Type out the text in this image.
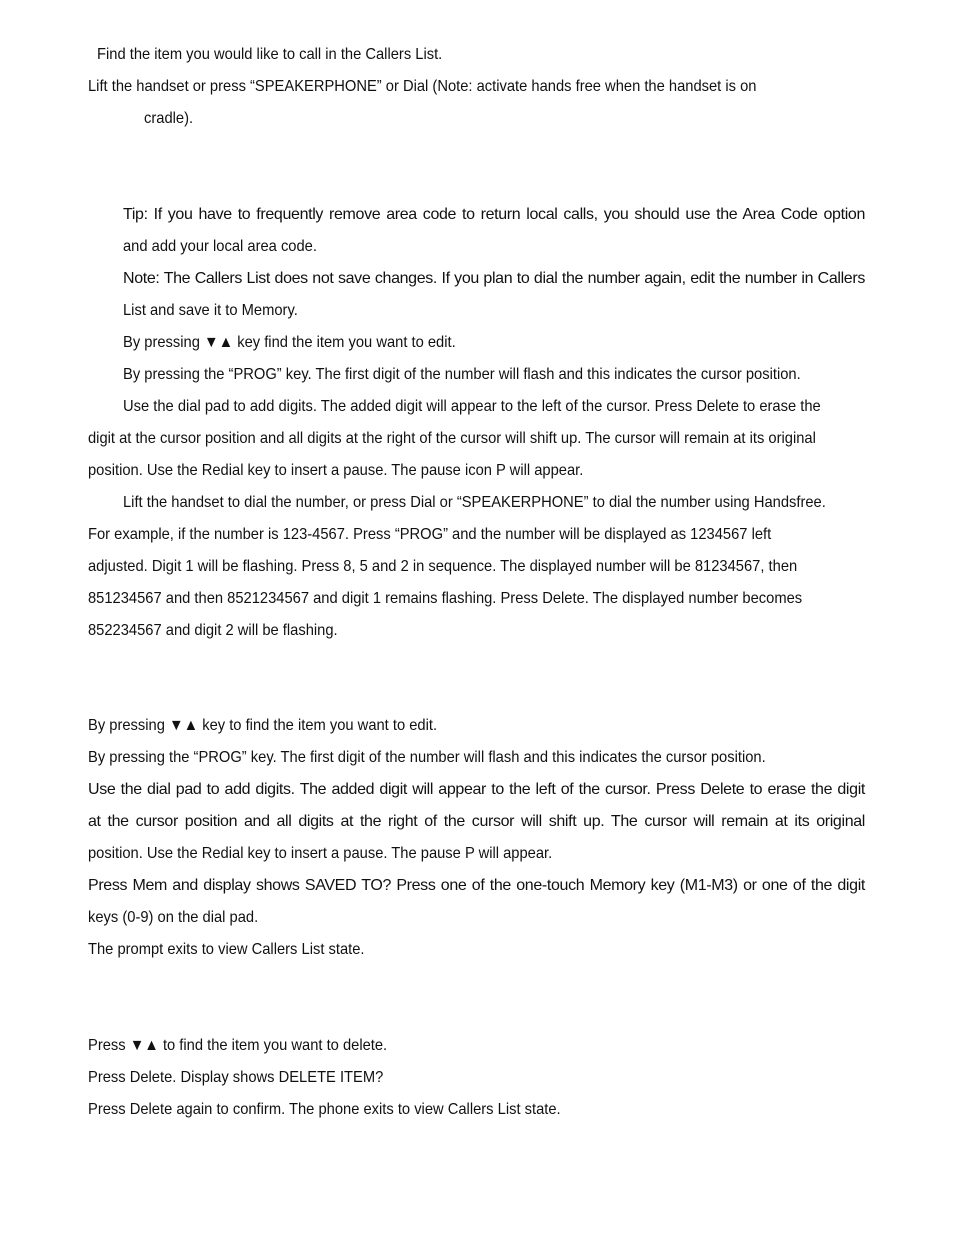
Find the item you would like to call in the Callers List.
Lift the handset or press “SPEAKERPHONE” or Dial (Note: activate hands free when the handset is on
cradle).
Tip: If you have to frequently remove area code to return local calls, you should use the Area Code option
and add your local area code.
Note: The Callers List does not save changes. If you plan to dial the number again, edit the number in Callers
List and save it to Memory.
By pressing ▼▲ key find the item you want to edit.
By pressing the “PROG” key. The first digit of the number will flash and this indicates the cursor position.
Use the dial pad to add digits. The added digit will appear to the left of the cursor. Press Delete to erase the
digit at the cursor position and all digits at the right of the cursor will shift up. The cursor will remain at its original
position. Use the Redial key to insert a pause. The pause icon P will appear.
Lift the handset to dial the number, or press Dial or “SPEAKERPHONE” to dial the number using Handsfree.
For example, if the number is 123-4567. Press “PROG” and the number will be displayed as 1234567 left
adjusted. Digit 1 will be flashing. Press 8, 5 and 2 in sequence. The displayed number will be 81234567, then
851234567 and then 8521234567 and digit 1 remains flashing. Press Delete. The displayed number becomes
852234567 and digit 2 will be flashing.
By pressing ▼▲ key to find the item you want to edit.
By pressing the “PROG” key. The first digit of the number will flash and this indicates the cursor position.
Use the dial pad to add digits. The added digit will appear to the left of the cursor. Press Delete to erase the digit
at the cursor position and all digits at the right of the cursor will shift up. The cursor will remain at its original
position. Use the Redial key to insert a pause. The pause P will appear.
Press Mem and display shows SAVED TO? Press one of the one-touch Memory key (M1-M3) or one of the digit
keys (0-9) on the dial pad.
The prompt exits to view Callers List state.
Press ▼▲ to find the item you want to delete.
Press Delete. Display shows DELETE ITEM?
Press Delete again to confirm. The phone exits to view Callers List state.
